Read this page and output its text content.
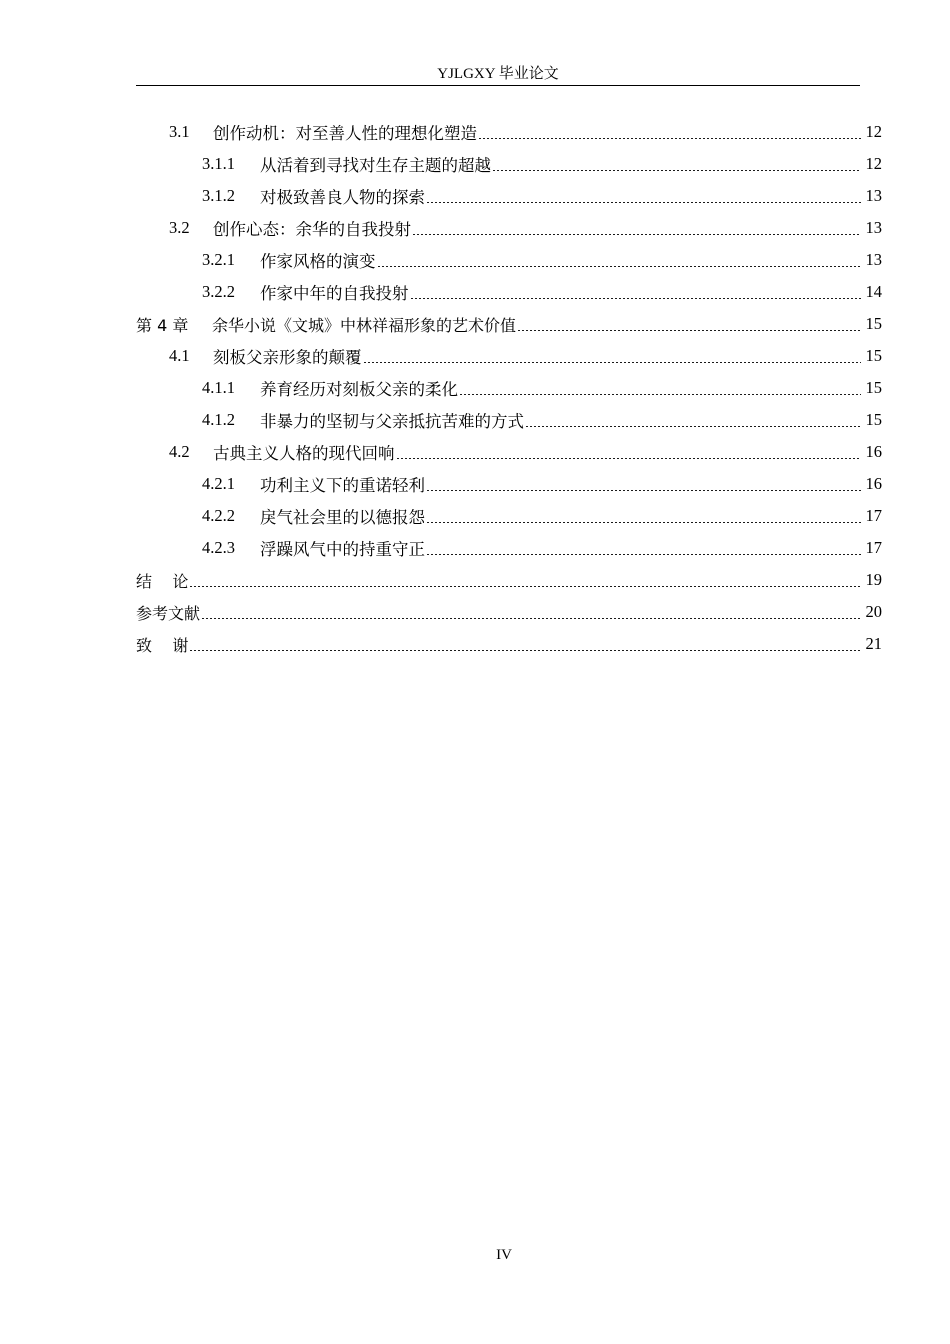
YJLGXY 毕业论文
3.1	创作动机：对至善人性的理想化塑造	12
3.1.1	从活着到寻找对生存主题的超越	12
3.1.2	对极致善良人物的探索	13
3.2	创作心态：余华的自我投射	13
3.2.1	作家风格的演变	13
3.2.2	作家中年的自我投射	14
第 4 章	余华小说《文城》中林祥福形象的艺术价值	15
4.1	刻板父亲形象的颠覆	15
4.1.1	养育经历对刻板父亲的柔化	15
4.1.2	非暴力的坚韧与父亲抵抗苦难的方式	15
4.2	古典主义人格的现代回响	16
4.2.1	功利主义下的重诺轻利	16
4.2.2	戾气社会里的以德报怨	17
4.2.3	浮躁风气中的持重守正	17
结    论	19
参考文献	20
致    谢	21
IV
